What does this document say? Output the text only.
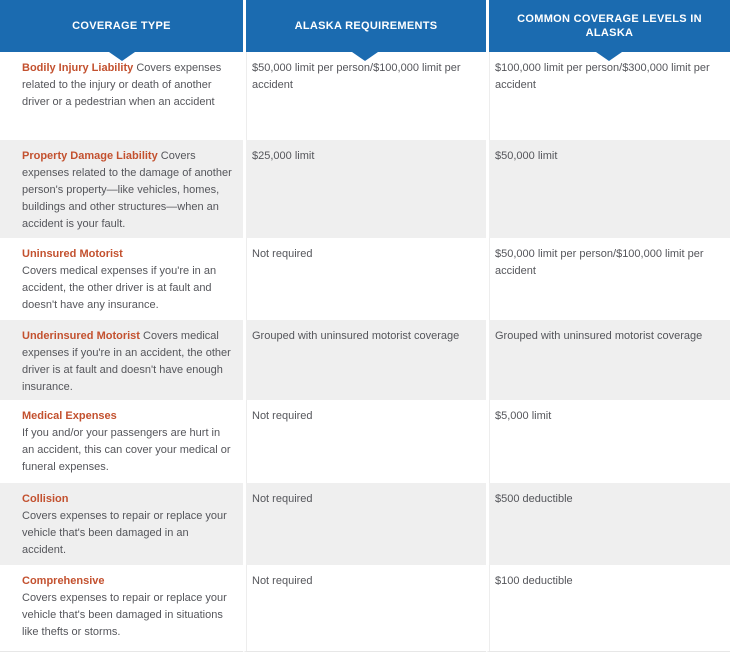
COVERAGE TYPE	ALASKA REQUIREMENTS	COMMON COVERAGE LEVELS IN ALASKA
Bodily Injury Liability Covers expenses related to the injury or death of another driver or a pedestrian when an accident	$50,000 limit per person/$100,000 limit per accident	$100,000 limit per person/$300,000 limit per accident
Property Damage Liability Covers expenses related to the damage of another person's property—like vehicles, homes, buildings and other structures—when an accident is your fault.	$25,000 limit	$50,000 limit

Uninsured Motorist
Covers medical expenses if you're in an accident, the other driver is at fault and doesn't have any insurance.	Not required	$50,000 limit per person/$100,000 limit per accident
Underinsured Motorist Covers medical expenses if you're in an accident, the other driver is at fault and doesn't have enough insurance.	Grouped with uninsured motorist coverage	Grouped with uninsured motorist coverage

Medical Expenses
If you and/or your passengers are hurt in an accident, this can cover your medical or funeral expenses.	Not required	$5,000 limit

Collision
Covers expenses to repair or replace your vehicle that's been damaged in an accident.	Not required	$500 deductible

Comprehensive
Covers expenses to repair or replace your vehicle that's been damaged in situations like thefts or storms.	Not required	$100 deductible
